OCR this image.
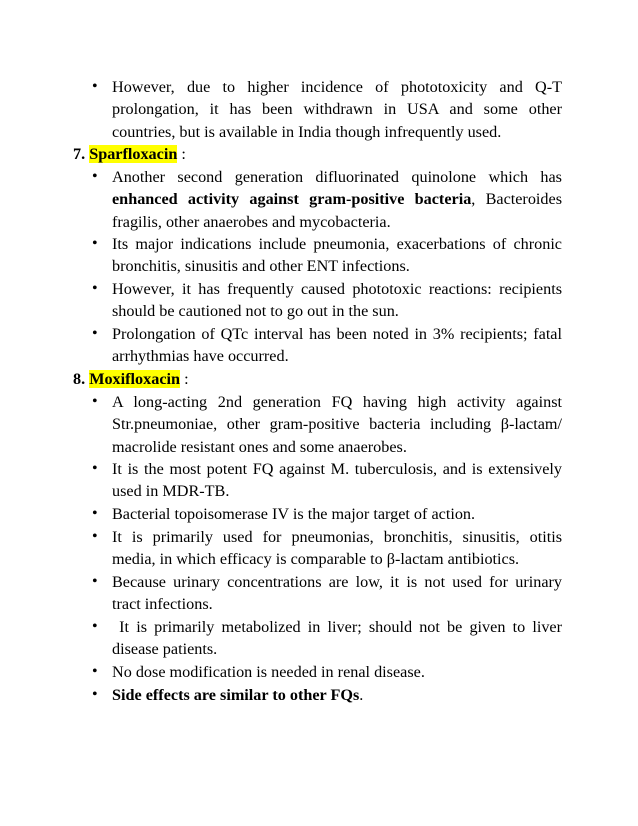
• However, due to higher incidence of phototoxicity and Q-T prolongation, it has been withdrawn in USA and some other countries, but is available in India though infrequently used.
7. Sparfloxacin :
• Another second generation difluorinated quinolone which has enhanced activity against gram-positive bacteria, Bacteroides fragilis, other anaerobes and mycobacteria.
• Its major indications include pneumonia, exacerbations of chronic bronchitis, sinusitis and other ENT infections.
• However, it has frequently caused phototoxic reactions: recipients should be cautioned not to go out in the sun.
• Prolongation of QTc interval has been noted in 3% recipients; fatal arrhythmias have occurred.
8. Moxifloxacin :
• A long-acting 2nd generation FQ having high activity against Str.pneumoniae, other gram-positive bacteria including β-lactam/ macrolide resistant ones and some anaerobes.
• It is the most potent FQ against M. tuberculosis, and is extensively used in MDR-TB.
• Bacterial topoisomerase IV is the major target of action.
• It is primarily used for pneumonias, bronchitis, sinusitis, otitis media, in which efficacy is comparable to β-lactam antibiotics.
• Because urinary concentrations are low, it is not used for urinary tract infections.
• It is primarily metabolized in liver; should not be given to liver disease patients.
• No dose modification is needed in renal disease.
• Side effects are similar to other FQs.
